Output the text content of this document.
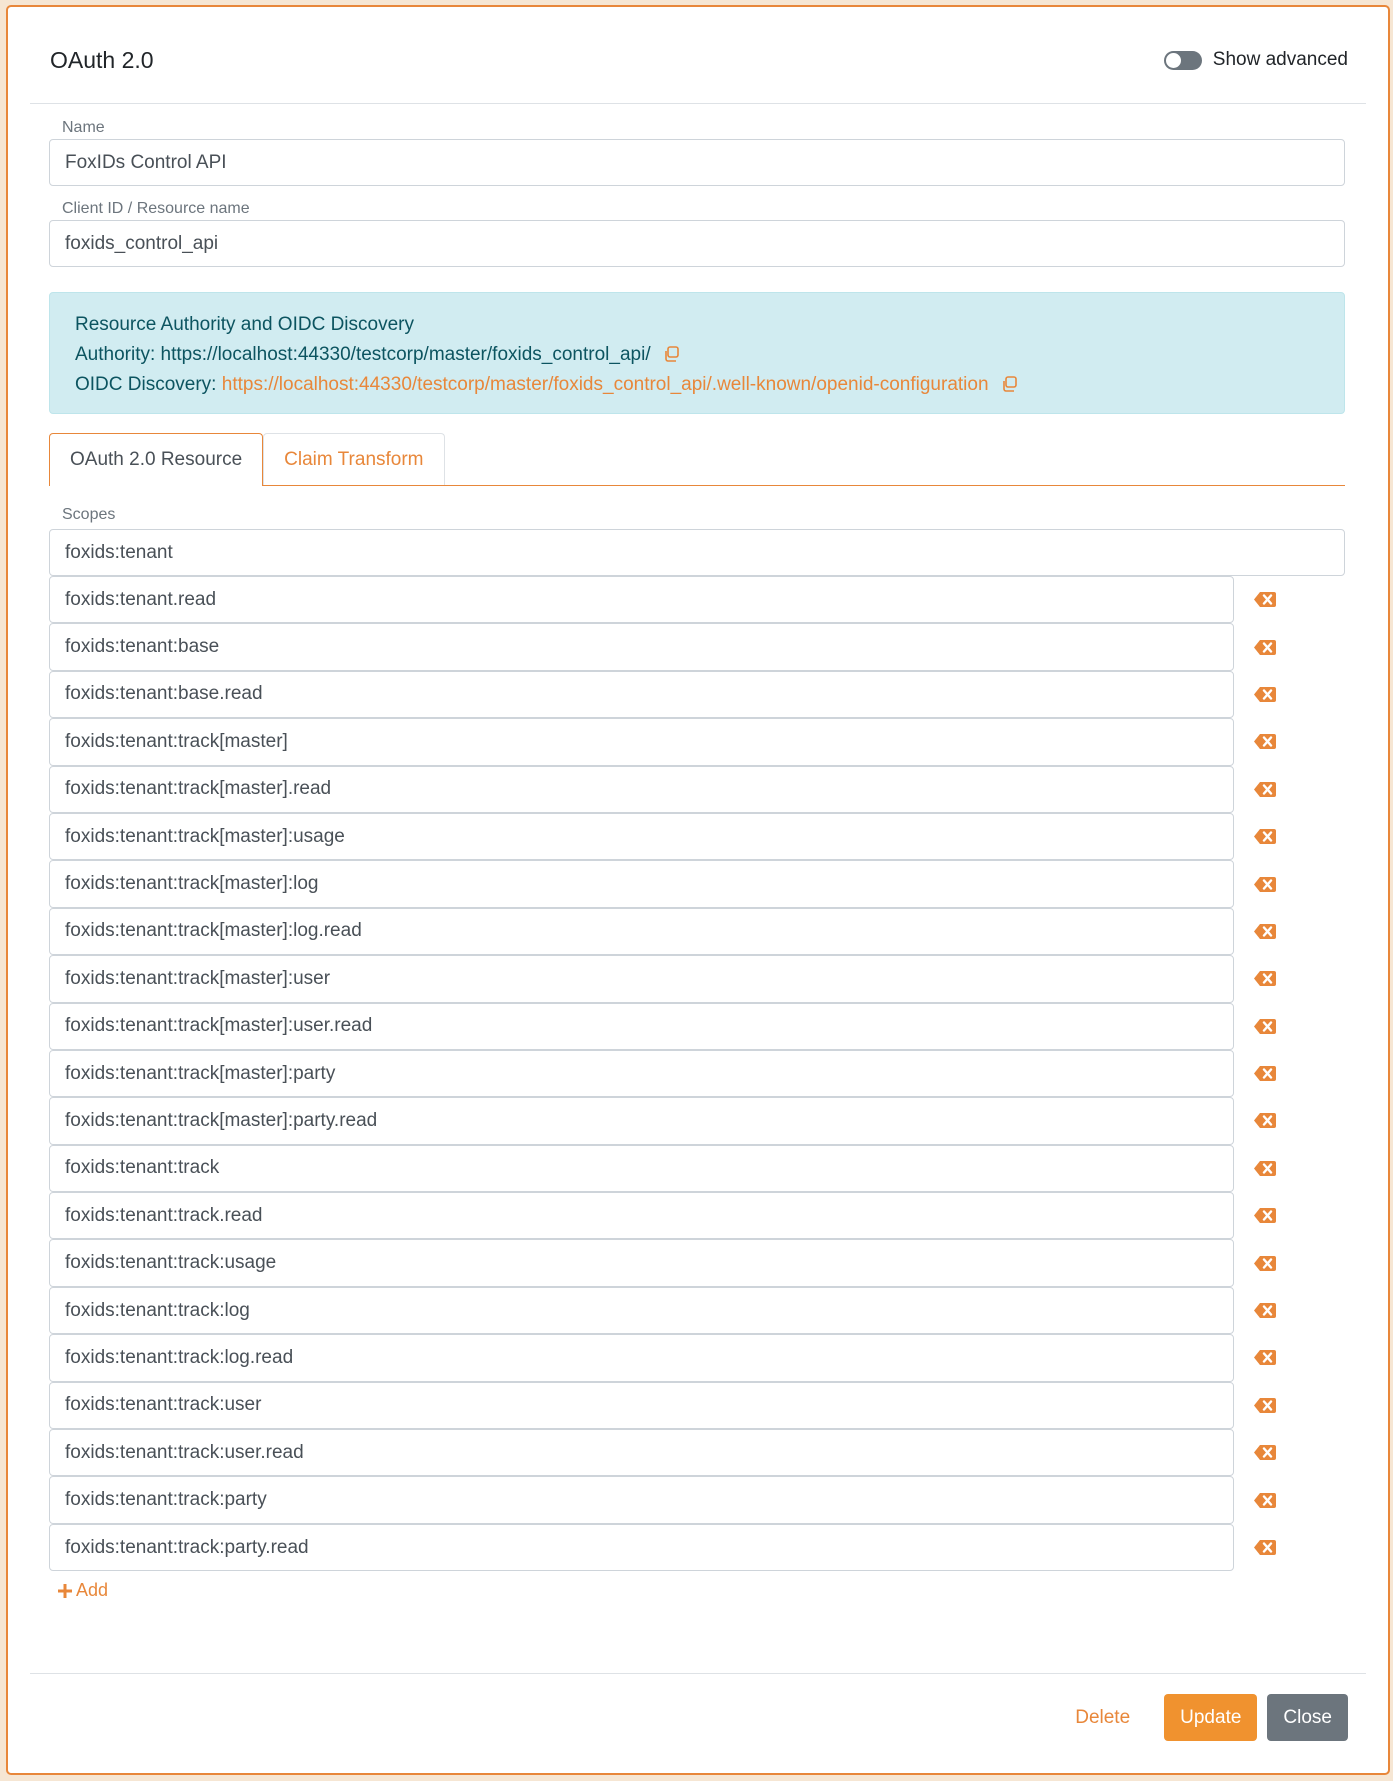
OAuth 2.0	Show advanced
Name
FoxIDs Control API
Client ID / Resource name
foxids_control_api
Resource Authority and OIDC Discovery
Authority: https://localhost:44330/testcorp/master/foxids_control_api/
OIDC Discovery: https://localhost:44330/testcorp/master/foxids_control_api/.well-known/openid-configuration
OAuth 2.0 Resource	Claim Transform
Scopes
foxids:tenant
foxids:tenant.read
foxids:tenant:base
foxids:tenant:base.read
foxids:tenant:track[master]
foxids:tenant:track[master].read
foxids:tenant:track[master]:usage
foxids:tenant:track[master]:log
foxids:tenant:track[master]:log.read
foxids:tenant:track[master]:user
foxids:tenant:track[master]:user.read
foxids:tenant:track[master]:party
foxids:tenant:track[master]:party.read
foxids:tenant:track
foxids:tenant:track.read
foxids:tenant:track:usage
foxids:tenant:track:log
foxids:tenant:track:log.read
foxids:tenant:track:user
foxids:tenant:track:user.read
foxids:tenant:track:party
foxids:tenant:track:party.read
Add
Delete	Update	Close
